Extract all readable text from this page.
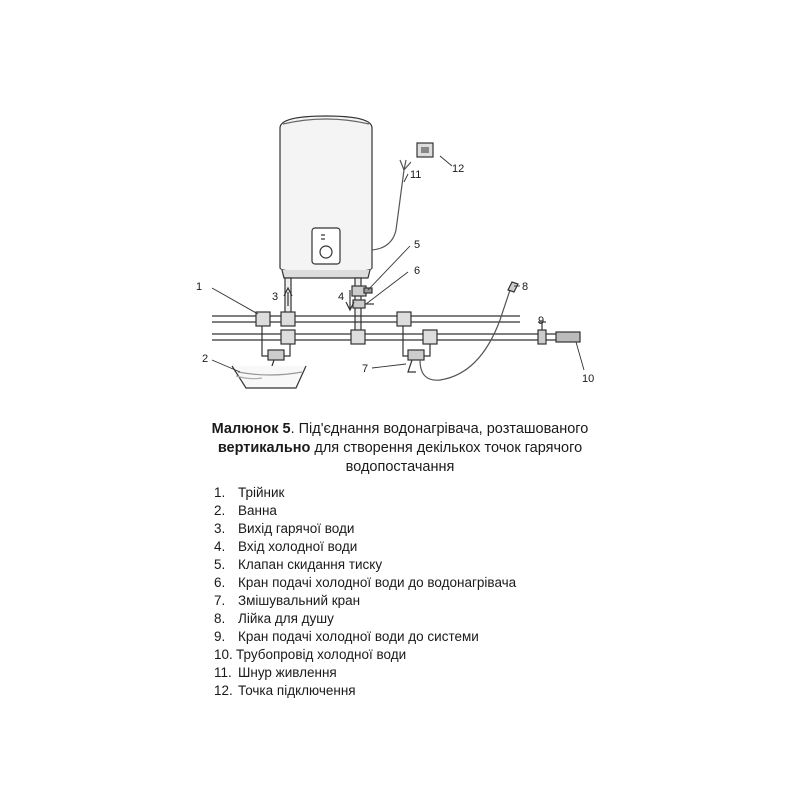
1
2
3	4
5
6
7
8
9
10
11	12
Малюнок 5. Під'єднання водонагрівача, розташованого
вертикально для створення декількох точок гарячого
водопостачання
1. Трійник
2. Ванна
3. Вихід гарячої води
4. Вхід холодної води
5. Клапан скидання тиску
6. Кран подачі холодної води до водонагрівача
7. Змішувальний кран
8. Лійка для душу
9. Кран подачі холодної води до системи
10. Трубопровід холодної води
11. Шнур живлення
12. Точка підключення
